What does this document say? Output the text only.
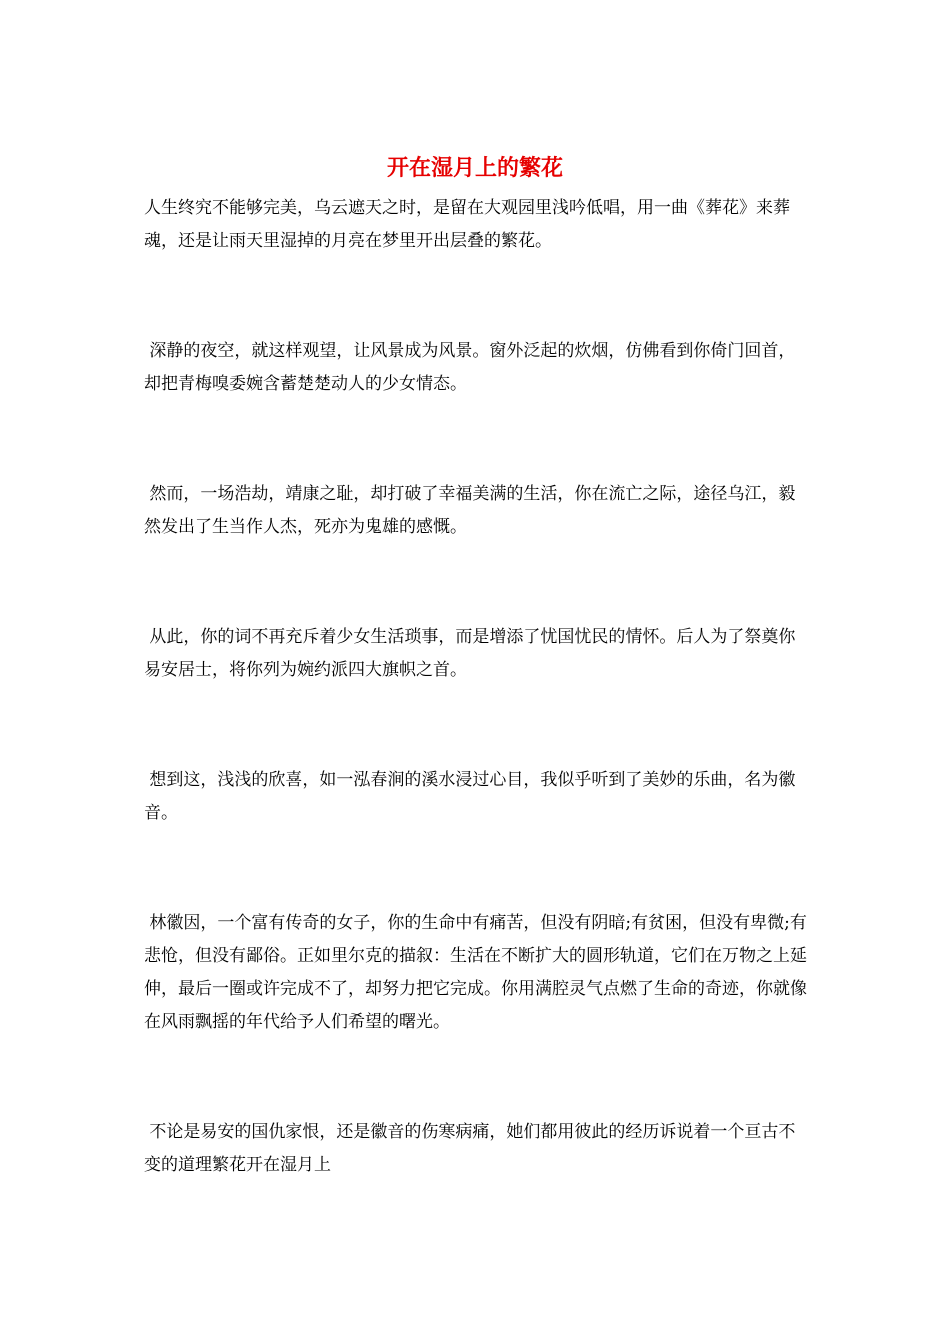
开在湿月上的繁花

人生终究不能够完美，乌云遮天之时，是留在大观园里浅吟低唱，用一曲《葬花》来葬魂，还是让雨天里湿掉的月亮在梦里开出层叠的繁花。

深静的夜空，就这样观望，让风景成为风景。窗外泛起的炊烟，仿佛看到你倚门回首，却把青梅嗅委婉含蓄楚楚动人的少女情态。

然而，一场浩劫，靖康之耻，却打破了幸福美满的生活，你在流亡之际，途径乌江，毅然发出了生当作人杰，死亦为鬼雄的感慨。

从此，你的词不再充斥着少女生活琐事，而是增添了忧国忧民的情怀。后人为了祭奠你易安居士，将你列为婉约派四大旗帜之首。

想到这，浅浅的欣喜，如一泓春涧的溪水浸过心目，我似乎听到了美妙的乐曲，名为徽音。

林徽因，一个富有传奇的女子，你的生命中有痛苦，但没有阴暗;有贫困，但没有卑微;有悲怆，但没有鄙俗。正如里尔克的描叙：生活在不断扩大的圆形轨道，它们在万物之上延伸，最后一圈或许完成不了，却努力把它完成。你用满腔灵气点燃了生命的奇迹，你就像在风雨飘摇的年代给予人们希望的曙光。

不论是易安的国仇家恨，还是徽音的伤寒病痛，她们都用彼此的经历诉说着一个亘古不变的道理繁花开在湿月上
